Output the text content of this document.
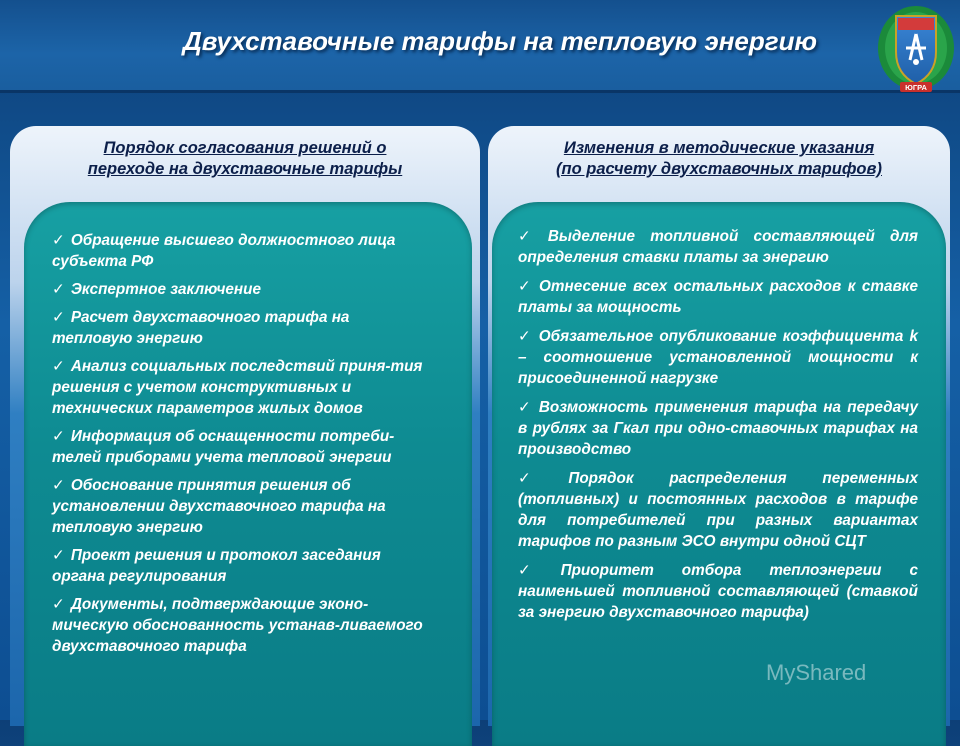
Двухставочные тарифы на тепловую энергию
ЮГРА
Порядок согласования решений о
переходе на двухставочные тарифы
✓ Обращение высшего должностного лица субъекта РФ
✓ Экспертное заключение
✓ Расчет двухставочного тарифа на тепловую энергию
✓ Анализ социальных последствий приня-тия решения с учетом конструктивных и технических параметров жилых домов
✓ Информация об оснащенности потреби-телей приборами учета тепловой энергии
✓ Обоснование принятия решения об установлении двухставочного тарифа на тепловую энергию
✓ Проект решения и протокол заседания органа регулирования
✓ Документы, подтверждающие эконо-мическую обоснованность устанав-ливаемого двухставочного тарифа
Изменения в методические указания
(по расчету двухставочных тарифов)
✓ Выделение топливной составляющей для определения ставки платы за энергию
✓ Отнесение всех остальных расходов к ставке платы за мощность
✓ Обязательное опубликование коэффициента k – соотношение установленной мощности к присоединенной нагрузке
✓ Возможность применения тарифа на передачу в рублях за Гкал при одно-ставочных тарифах на производство
✓ Порядок распределения переменных (топливных) и постоянных расходов в тарифе для потребителей при разных вариантах тарифов по разным ЭСО внутри одной СЦТ
✓ Приоритет отбора теплоэнергии с наименьшей топливной составляющей (ставкой за энергию двухставочного тарифа)
MyShared
